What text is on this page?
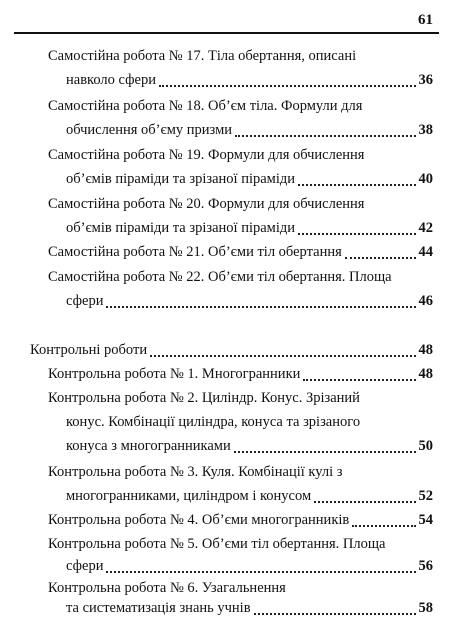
61
Самостійна робота № 17. Тіла обертання, описані
навколо сфери	36
Самостійна робота № 18. Об’єм тіла. Формули для
обчислення об’єму призми	38
Самостійна робота № 19. Формули для обчислення
об’ємів піраміди та зрізаної піраміди	40
Самостійна робота № 20. Формули для обчислення
об’ємів піраміди та зрізаної піраміди	42
Самостійна робота № 21. Об’єми тіл обертання	44
Самостійна робота № 22. Об’єми тіл обертання. Площа
сфери	46
Контрольні роботи	48
Контрольна робота № 1. Многогранники	48
Контрольна робота № 2. Циліндр. Конус. Зрізаний
конус. Комбінації циліндра, конуса та зрізаного
конуса з многогранниками	50
Контрольна робота № 3. Куля. Комбінації кулі з
многогранниками, циліндром і конусом	52
Контрольна робота № 4. Об’єми многогранників	54
Контрольна робота № 5. Об’єми тіл обертання. Площа
сфери	56
Контрольна робота № 6. Узагальнення
та систематизація знань учнів	58
